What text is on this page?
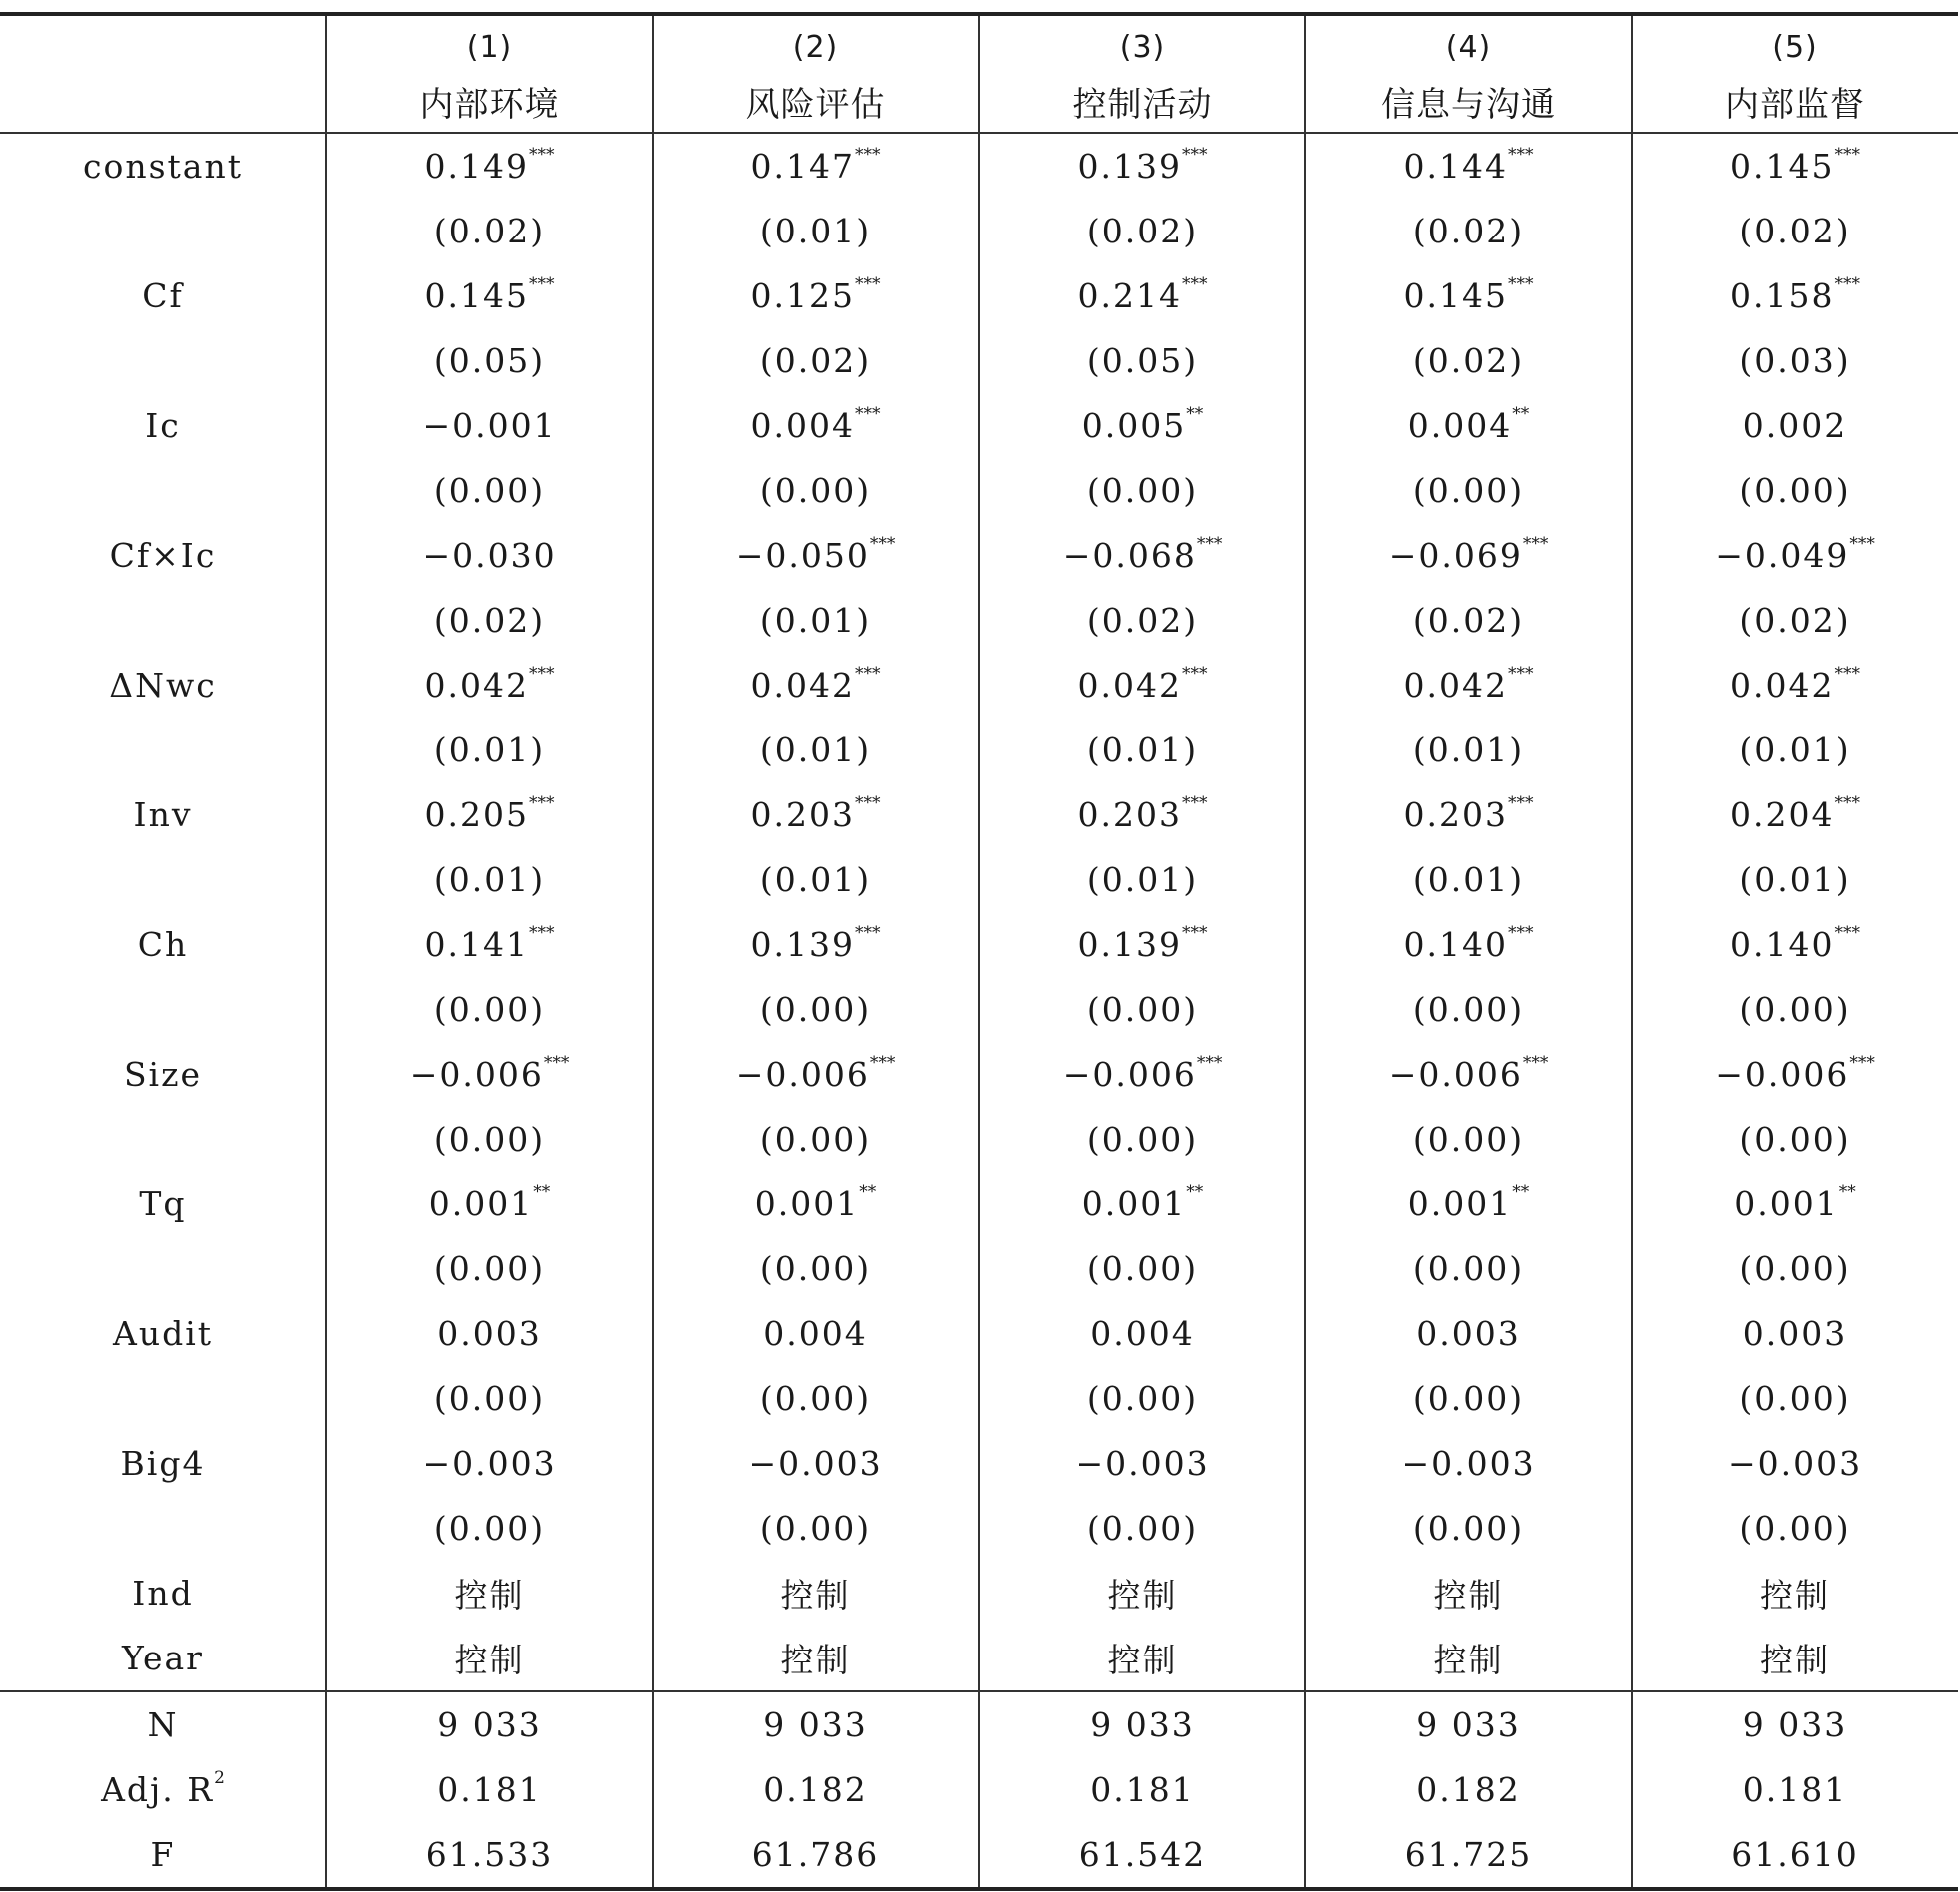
	(1)	(2)	(3)	(4)	(5)
	内部环境	风险评估	控制活动	信息与沟通	内部监督
constant	0.149***	0.147***	0.139***	0.144***	0.145***
	(0.02)	(0.01)	(0.02)	(0.02)	(0.02)
Cf	0.145***	0.125***	0.214***	0.145***	0.158***
	(0.05)	(0.02)	(0.05)	(0.02)	(0.03)
Ic	−0.001	0.004***	0.005**	0.004**	0.002
	(0.00)	(0.00)	(0.00)	(0.00)	(0.00)
Cf×Ic	−0.030	−0.050***	−0.068***	−0.069***	−0.049***
	(0.02)	(0.01)	(0.02)	(0.02)	(0.02)
ΔNwc	0.042***	0.042***	0.042***	0.042***	0.042***
	(0.01)	(0.01)	(0.01)	(0.01)	(0.01)
Inv	0.205***	0.203***	0.203***	0.203***	0.204***
	(0.01)	(0.01)	(0.01)	(0.01)	(0.01)
Ch	0.141***	0.139***	0.139***	0.140***	0.140***
	(0.00)	(0.00)	(0.00)	(0.00)	(0.00)
Size	−0.006***	−0.006***	−0.006***	−0.006***	−0.006***
	(0.00)	(0.00)	(0.00)	(0.00)	(0.00)
Tq	0.001**	0.001**	0.001**	0.001**	0.001**
	(0.00)	(0.00)	(0.00)	(0.00)	(0.00)
Audit	0.003	0.004	0.004	0.003	0.003
	(0.00)	(0.00)	(0.00)	(0.00)	(0.00)
Big4	−0.003	−0.003	−0.003	−0.003	−0.003
	(0.00)	(0.00)	(0.00)	(0.00)	(0.00)
Ind	控制	控制	控制	控制	控制
Year	控制	控制	控制	控制	控制
N	9 033	9 033	9 033	9 033	9 033
Adj. $R^2$	0.181	0.182	0.181	0.182	0.181
F	61.533	61.786	61.542	61.725	61.610
